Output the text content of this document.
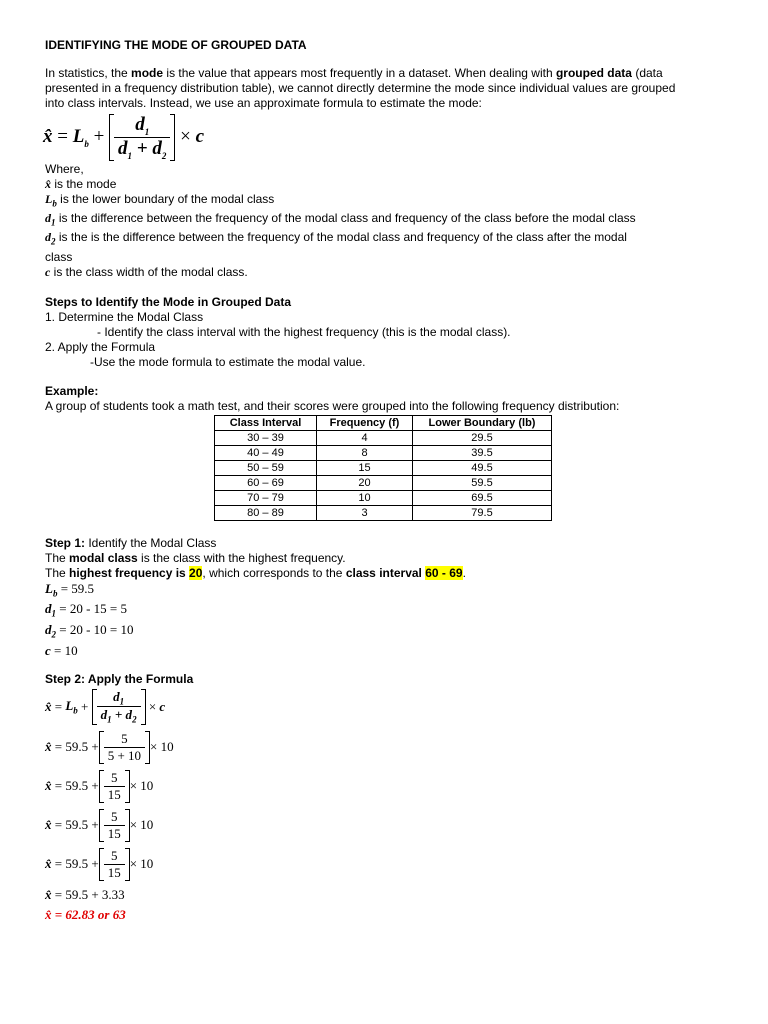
IDENTIFYING THE MODE OF GROUPED DATA
In statistics, the mode is the value that appears most frequently in a dataset. When dealing with grouped data (data
presented in a frequency distribution table), we cannot directly determine the mode since individual values are grouped
into class intervals. Instead, we use an approximate formula to estimate the mode:
x̂ = $L_b + \frac{d_1}{d_1 + d_2} \times c$
Where,
x̂ is the mode
$L_b$ is the lower boundary of the modal class
$d_1$ is the difference between the frequency of the modal class and frequency of the class before the modal class
$d_2$ is the is the difference between the frequency of the modal class and frequency of the class after the modal
class
c is the class width of the modal class.
Steps to Identify the Mode in Grouped Data
1. Determine the Modal Class
- Identify the class interval with the highest frequency (this is the modal class).
2. Apply the Formula
-Use the mode formula to estimate the modal value.
Example:
A group of students took a math test, and their scores were grouped into the following frequency distribution:
Class Interval	Frequency (f)	Lower Boundary (lb)
30 – 39	4	29.5
40 – 49	8	39.5
50 – 59	15	49.5
60 – 69	20	59.5
70 – 79	10	69.5
80 – 89	3	79.5
Step 1: Identify the Modal Class
The modal class is the class with the highest frequency.
The highest frequency is 20, which corresponds to the class interval 60 - 69.
$L_b = 59.5$
$d_1 = 20 - 15 = 5$
$d_2 = 20 - 10 = 10$
c = 10
Step 2: Apply the Formula
x̂ = $L_b + \frac{d_1}{d_1 + d_2} \times c$
x̂ = $59.5 + \frac{5}{5 + 10} \times 10$
x̂ = $59.5 + \frac{5}{15} \times 10$
x̂ = $59.5 + \frac{5}{15} \times 10$
x̂ = $59.5 + \frac{5}{15} \times 10$
x̂ = 59.5 + 3.33
x̂ = 62.83 or 63
